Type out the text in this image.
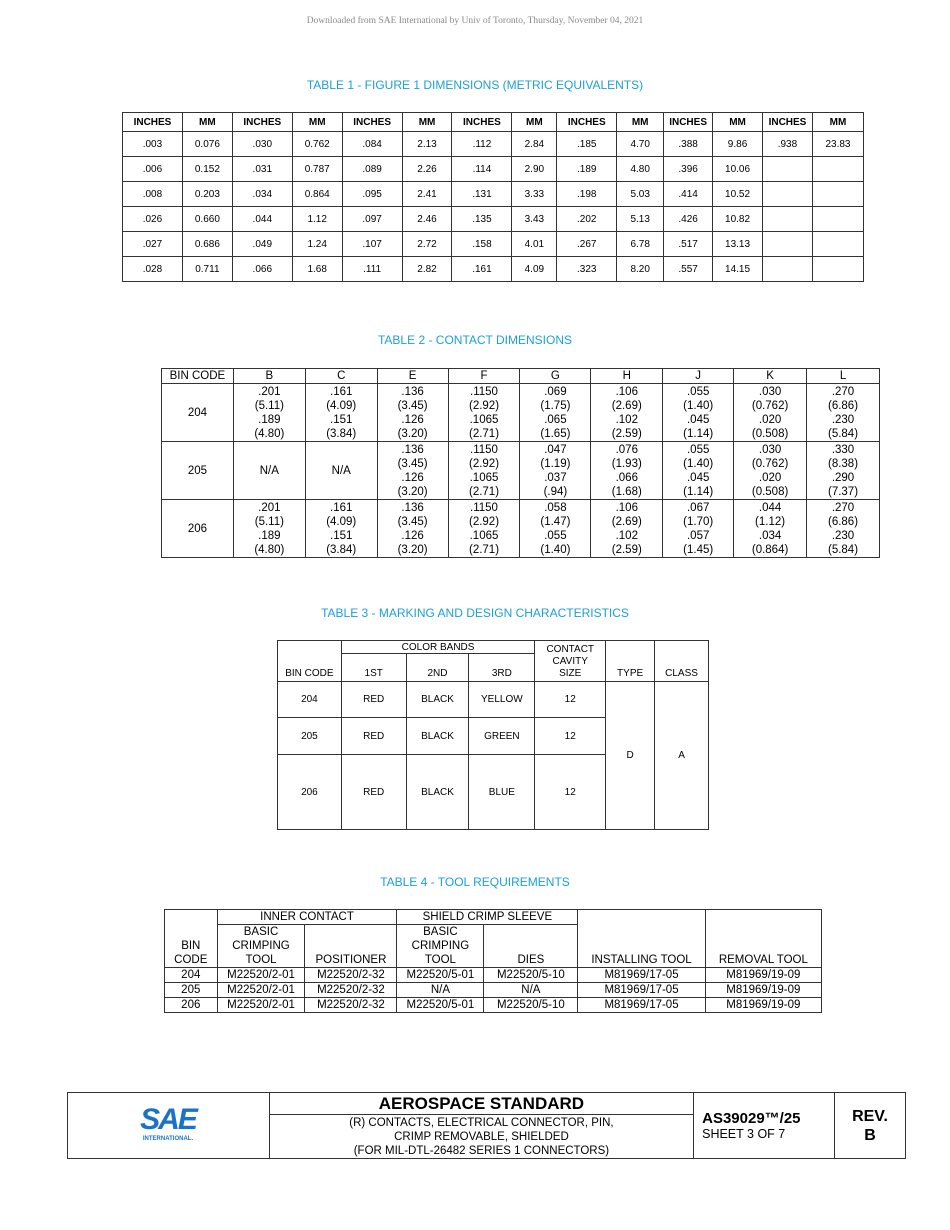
Downloaded from SAE International by Univ of Toronto, Thursday, November 04, 2021
TABLE 1 - FIGURE 1 DIMENSIONS (METRIC EQUIVALENTS)
INCHES	MM	INCHES	MM	INCHES	MM	INCHES	MM	INCHES	MM	INCHES	MM	INCHES	MM
.003	0.076	.030	0.762	.084	2.13	.112	2.84	.185	4.70	.388	9.86	.938	23.83
.006	0.152	.031	0.787	.089	2.26	.114	2.90	.189	4.80	.396	10.06		
.008	0.203	.034	0.864	.095	2.41	.131	3.33	.198	5.03	.414	10.52		
.026	0.660	.044	1.12	.097	2.46	.135	3.43	.202	5.13	.426	10.82		
.027	0.686	.049	1.24	.107	2.72	.158	4.01	.267	6.78	.517	13.13		
.028	0.711	.066	1.68	.111	2.82	.161	4.09	.323	8.20	.557	14.15		
TABLE 2 - CONTACT DIMENSIONS
BIN CODE	B	C	E	F	G	H	J	K	L
204	.201
(5.11)
.189
(4.80)	.161
(4.09)
.151
(3.84)	.136
(3.45)
.126
(3.20)	.1150
(2.92)
.1065
(2.71)	.069
(1.75)
.065
(1.65)	.106
(2.69)
.102
(2.59)	.055
(1.40)
.045
(1.14)	.030
(0.762)
.020
(0.508)	.270
(6.86)
.230
(5.84)

205	N/A	N/A	.136
(3.45)
.126
(3.20)	.1150
(2.92)
.1065
(2.71)	.047
(1.19)
.037
(.94)	.076
(1.93)
.066
(1.68)	.055
(1.40)
.045
(1.14)	.030
(0.762)
.020
(0.508)	.330
(8.38)
.290
(7.37)

206	.201
(5.11)
.189
(4.80)	.161
(4.09)
.151
(3.84)	.136
(3.45)
.126
(3.20)	.1150
(2.92)
.1065
(2.71)	.058
(1.47)
.055
(1.40)	.106
(2.69)
.102
(2.59)	.067
(1.70)
.057
(1.45)	.044
(1.12)
.034
(0.864)	.270
(6.86)
.230
(5.84)
TABLE 3 - MARKING AND DESIGN CHARACTERISTICS
BIN CODE	COLOR BANDS			CONTACT
CAVITY
SIZE	TYPE	CLASS
	1ST	2ND	3RD			
204	RED	BLACK	YELLOW	12	D	A
205	RED	BLACK	GREEN	12		
206	RED	BLACK	BLUE	12		
TABLE 4 - TOOL REQUIREMENTS
BIN
CODE	INNER CONTACT		SHIELD CRIMP SLEEVE		INSTALLING TOOL	REMOVAL TOOL

	BASIC
CRIMPING
TOOL	POSITIONER	BASIC
CRIMPING
TOOL	DIES		
204	M22520/2-01	M22520/2-32	M22520/5-01	M22520/5-10	M81969/17-05	M81969/19-09
205	M22520/2-01	M22520/2-32	N/A	N/A	M81969/17-05	M81969/19-09
206	M22520/2-01	M22520/2-32	M22520/5-01	M22520/5-10	M81969/17-05	M81969/19-09
SAE
INTERNATIONAL.
	AEROSPACE STANDARD	
AS39029™/25
SHEET 3 OF 7

REV.
B

(R) CONTACTS, ELECTRICAL CONNECTOR, PIN,
CRIMP REMOVABLE, SHIELDED
(FOR MIL-DTL-26482 SERIES 1 CONNECTORS)
